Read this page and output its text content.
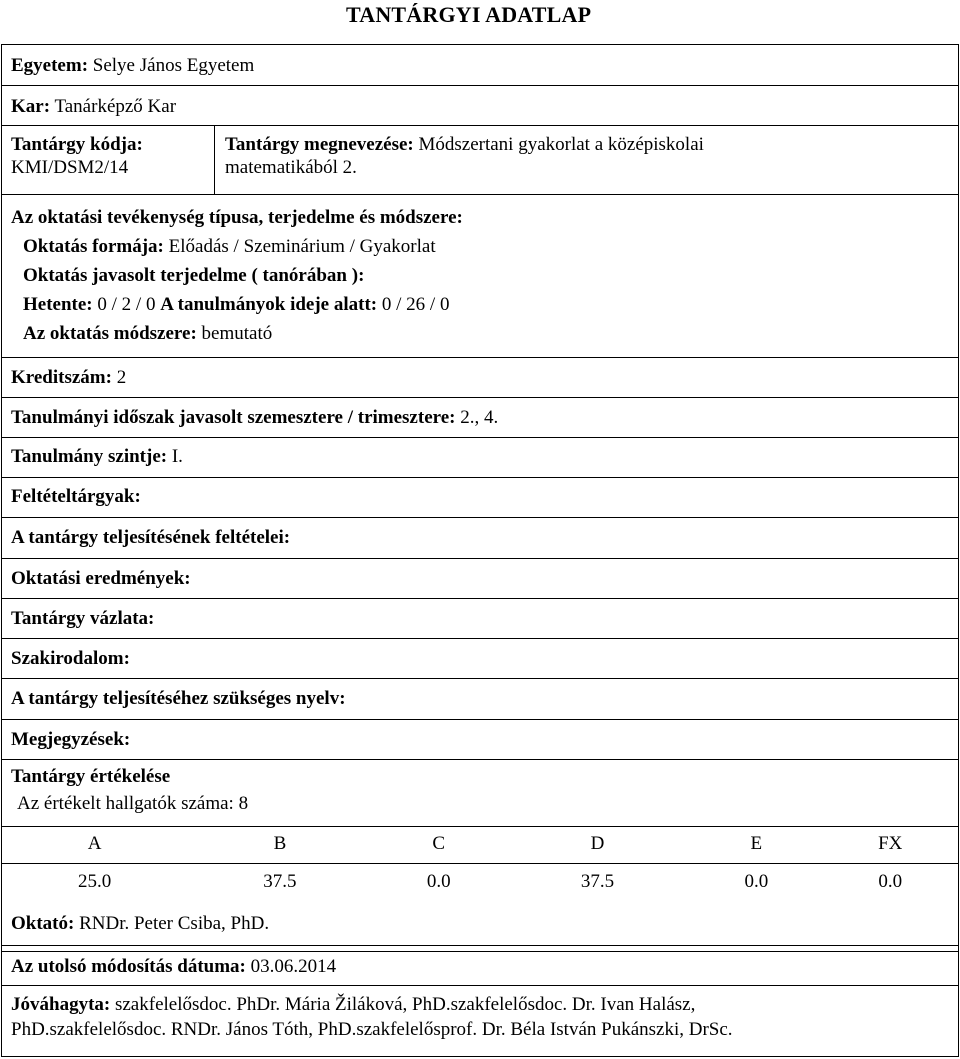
TANTÁRGYI ADATLAP
Egyetem: Selye János Egyetem
Kar: Tanárképző Kar
Tantárgy kódja:
KMI/DSM2/14
Tantárgy megnevezése: Módszertani gyakorlat a középiskolai
matematikából 2.
Az oktatási tevékenység típusa, terjedelme és módszere:
Oktatás formája: Előadás / Szeminárium / Gyakorlat
Oktatás javasolt terjedelme ( tanórában ):
Hetente: 0 / 2 / 0 A tanulmányok ideje alatt: 0 / 26 / 0
Az oktatás módszere: bemutató
Kreditszám: 2
Tanulmányi időszak javasolt szemesztere / trimesztere: 2., 4.
Tanulmány szintje: I.
Feltételtárgyak:
A tantárgy teljesítésének feltételei:
Oktatási eredmények:
Tantárgy vázlata:
Szakirodalom:
A tantárgy teljesítéséhez szükséges nyelv:
Megjegyzések:
Tantárgy értékelése
Az értékelt hallgatók száma: 8
A	B	C	D	E	FX
25.0	37.5	0.0	37.5	0.0	0.0
Oktató: RNDr. Peter Csiba, PhD.
Az utolsó módosítás dátuma: 03.06.2014
Jóváhagyta: szakfelelősdoc. PhDr. Mária Žiláková, PhD.szakfelelősdoc. Dr. Ivan Halász,
PhD.szakfelelősdoc. RNDr. János Tóth, PhD.szakfelelősprof. Dr. Béla István Pukánszki, DrSc.
